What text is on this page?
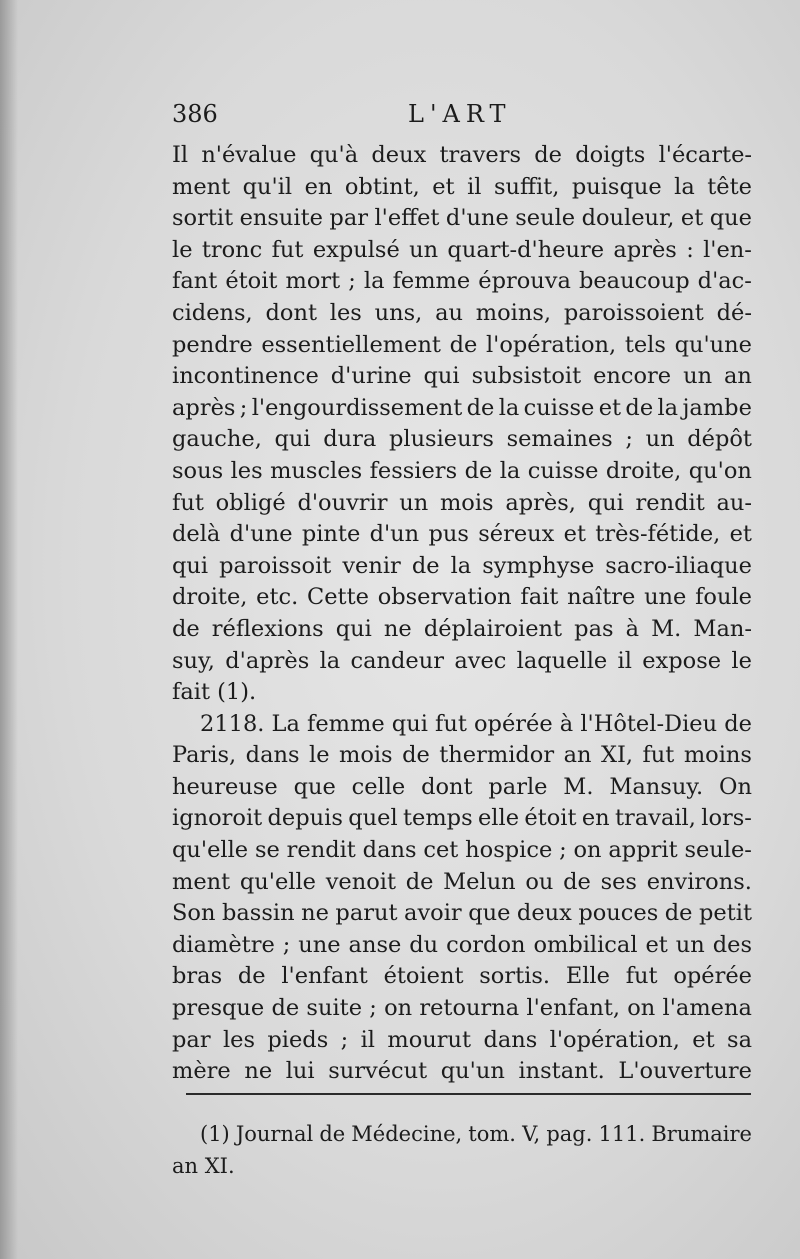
386	L'ART
Il n'évalue qu'à deux travers de doigts l'écarte-
ment qu'il en obtint, et il suffit, puisque la tête
sortit ensuite par l'effet d'une seule douleur, et que
le tronc fut expulsé un quart-d'heure après : l'en-
fant étoit mort ; la femme éprouva beaucoup d'ac-
cidens, dont les uns, au moins, paroissoient dé-
pendre essentiellement de l'opération, tels qu'une
incontinence d'urine qui subsistoit encore un an
après ; l'engourdissement de la cuisse et de la jambe
gauche, qui dura plusieurs semaines ; un dépôt
sous les muscles fessiers de la cuisse droite, qu'on
fut obligé d'ouvrir un mois après, qui rendit au-
delà d'une pinte d'un pus séreux et très-fétide, et
qui paroissoit venir de la symphyse sacro-iliaque
droite, etc. Cette observation fait naître une foule
de réflexions qui ne déplairoient pas à M. Man-
suy, d'après la candeur avec laquelle il expose le
fait (1).
2118. La femme qui fut opérée à l'Hôtel-Dieu de
Paris, dans le mois de thermidor an XI, fut moins
heureuse que celle dont parle M. Mansuy. On
ignoroit depuis quel temps elle étoit en travail, lors-
qu'elle se rendit dans cet hospice ; on apprit seule-
ment qu'elle venoit de Melun ou de ses environs.
Son bassin ne parut avoir que deux pouces de petit
diamètre ; une anse du cordon ombilical et un des
bras de l'enfant étoient sortis. Elle fut opérée
presque de suite ; on retourna l'enfant, on l'amena
par les pieds ; il mourut dans l'opération, et sa
mère ne lui survécut qu'un instant. L'ouverture
(1) Journal de Médecine, tom. V, pag. 111. Brumaire
an XI.
